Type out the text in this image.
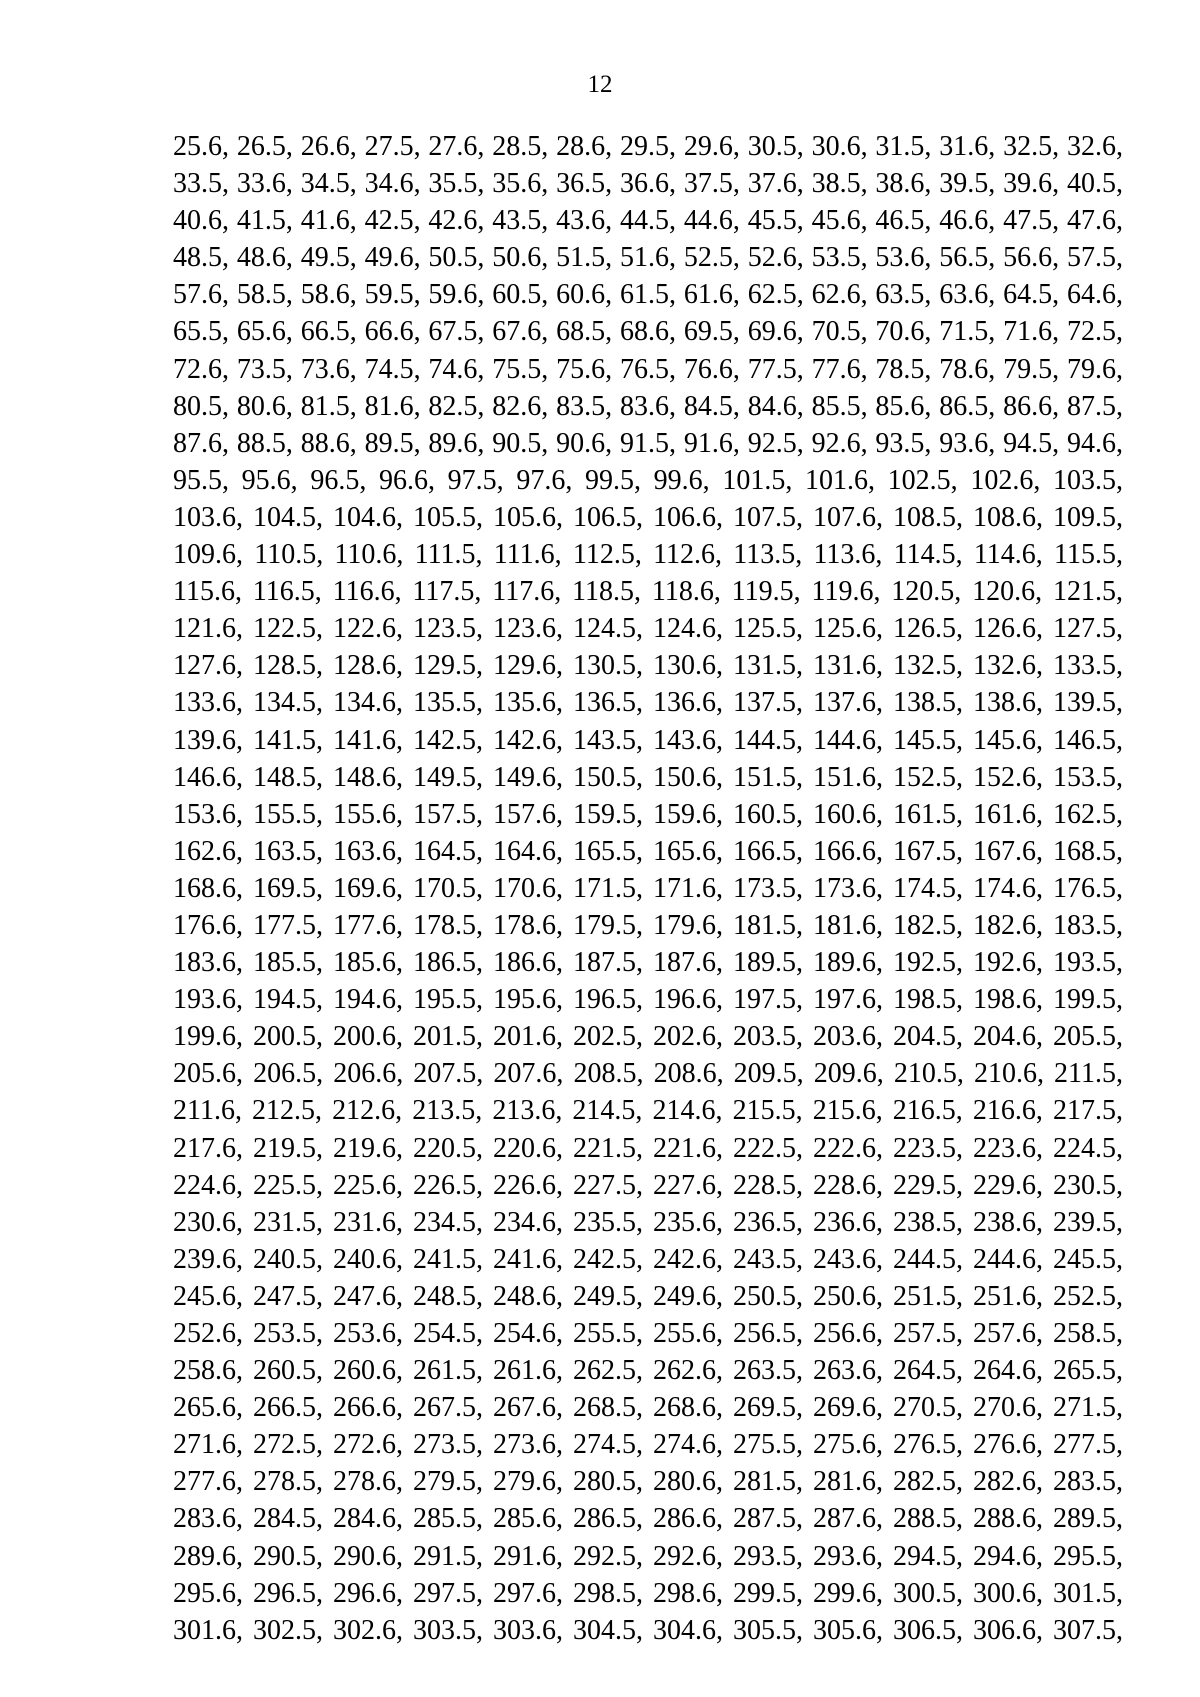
12
25.6, 26.5, 26.6, 27.5, 27.6, 28.5, 28.6, 29.5, 29.6, 30.5, 30.6, 31.5, 31.6, 32.5, 32.6,
33.5, 33.6, 34.5, 34.6, 35.5, 35.6, 36.5, 36.6, 37.5, 37.6, 38.5, 38.6, 39.5, 39.6, 40.5,
40.6, 41.5, 41.6, 42.5, 42.6, 43.5, 43.6, 44.5, 44.6, 45.5, 45.6, 46.5, 46.6, 47.5, 47.6,
48.5, 48.6, 49.5, 49.6, 50.5, 50.6, 51.5, 51.6, 52.5, 52.6, 53.5, 53.6, 56.5, 56.6, 57.5,
57.6, 58.5, 58.6, 59.5, 59.6, 60.5, 60.6, 61.5, 61.6, 62.5, 62.6, 63.5, 63.6, 64.5, 64.6,
65.5, 65.6, 66.5, 66.6, 67.5, 67.6, 68.5, 68.6, 69.5, 69.6, 70.5, 70.6, 71.5, 71.6, 72.5,
72.6, 73.5, 73.6, 74.5, 74.6, 75.5, 75.6, 76.5, 76.6, 77.5, 77.6, 78.5, 78.6, 79.5, 79.6,
80.5, 80.6, 81.5, 81.6, 82.5, 82.6, 83.5, 83.6, 84.5, 84.6, 85.5, 85.6, 86.5, 86.6, 87.5,
87.6, 88.5, 88.6, 89.5, 89.6, 90.5, 90.6, 91.5, 91.6, 92.5, 92.6, 93.5, 93.6, 94.5, 94.6,
95.5, 95.6, 96.5, 96.6, 97.5, 97.6, 99.5, 99.6, 101.5, 101.6, 102.5, 102.6, 103.5,
103.6, 104.5, 104.6, 105.5, 105.6, 106.5, 106.6, 107.5, 107.6, 108.5, 108.6, 109.5,
109.6, 110.5, 110.6, 111.5, 111.6, 112.5, 112.6, 113.5, 113.6, 114.5, 114.6, 115.5,
115.6, 116.5, 116.6, 117.5, 117.6, 118.5, 118.6, 119.5, 119.6, 120.5, 120.6, 121.5,
121.6, 122.5, 122.6, 123.5, 123.6, 124.5, 124.6, 125.5, 125.6, 126.5, 126.6, 127.5,
127.6, 128.5, 128.6, 129.5, 129.6, 130.5, 130.6, 131.5, 131.6, 132.5, 132.6, 133.5,
133.6, 134.5, 134.6, 135.5, 135.6, 136.5, 136.6, 137.5, 137.6, 138.5, 138.6, 139.5,
139.6, 141.5, 141.6, 142.5, 142.6, 143.5, 143.6, 144.5, 144.6, 145.5, 145.6, 146.5,
146.6, 148.5, 148.6, 149.5, 149.6, 150.5, 150.6, 151.5, 151.6, 152.5, 152.6, 153.5,
153.6, 155.5, 155.6, 157.5, 157.6, 159.5, 159.6, 160.5, 160.6, 161.5, 161.6, 162.5,
162.6, 163.5, 163.6, 164.5, 164.6, 165.5, 165.6, 166.5, 166.6, 167.5, 167.6, 168.5,
168.6, 169.5, 169.6, 170.5, 170.6, 171.5, 171.6, 173.5, 173.6, 174.5, 174.6, 176.5,
176.6, 177.5, 177.6, 178.5, 178.6, 179.5, 179.6, 181.5, 181.6, 182.5, 182.6, 183.5,
183.6, 185.5, 185.6, 186.5, 186.6, 187.5, 187.6, 189.5, 189.6, 192.5, 192.6, 193.5,
193.6, 194.5, 194.6, 195.5, 195.6, 196.5, 196.6, 197.5, 197.6, 198.5, 198.6, 199.5,
199.6, 200.5, 200.6, 201.5, 201.6, 202.5, 202.6, 203.5, 203.6, 204.5, 204.6, 205.5,
205.6, 206.5, 206.6, 207.5, 207.6, 208.5, 208.6, 209.5, 209.6, 210.5, 210.6, 211.5,
211.6, 212.5, 212.6, 213.5, 213.6, 214.5, 214.6, 215.5, 215.6, 216.5, 216.6, 217.5,
217.6, 219.5, 219.6, 220.5, 220.6, 221.5, 221.6, 222.5, 222.6, 223.5, 223.6, 224.5,
224.6, 225.5, 225.6, 226.5, 226.6, 227.5, 227.6, 228.5, 228.6, 229.5, 229.6, 230.5,
230.6, 231.5, 231.6, 234.5, 234.6, 235.5, 235.6, 236.5, 236.6, 238.5, 238.6, 239.5,
239.6, 240.5, 240.6, 241.5, 241.6, 242.5, 242.6, 243.5, 243.6, 244.5, 244.6, 245.5,
245.6, 247.5, 247.6, 248.5, 248.6, 249.5, 249.6, 250.5, 250.6, 251.5, 251.6, 252.5,
252.6, 253.5, 253.6, 254.5, 254.6, 255.5, 255.6, 256.5, 256.6, 257.5, 257.6, 258.5,
258.6, 260.5, 260.6, 261.5, 261.6, 262.5, 262.6, 263.5, 263.6, 264.5, 264.6, 265.5,
265.6, 266.5, 266.6, 267.5, 267.6, 268.5, 268.6, 269.5, 269.6, 270.5, 270.6, 271.5,
271.6, 272.5, 272.6, 273.5, 273.6, 274.5, 274.6, 275.5, 275.6, 276.5, 276.6, 277.5,
277.6, 278.5, 278.6, 279.5, 279.6, 280.5, 280.6, 281.5, 281.6, 282.5, 282.6, 283.5,
283.6, 284.5, 284.6, 285.5, 285.6, 286.5, 286.6, 287.5, 287.6, 288.5, 288.6, 289.5,
289.6, 290.5, 290.6, 291.5, 291.6, 292.5, 292.6, 293.5, 293.6, 294.5, 294.6, 295.5,
295.6, 296.5, 296.6, 297.5, 297.6, 298.5, 298.6, 299.5, 299.6, 300.5, 300.6, 301.5,
301.6, 302.5, 302.6, 303.5, 303.6, 304.5, 304.6, 305.5, 305.6, 306.5, 306.6, 307.5,
